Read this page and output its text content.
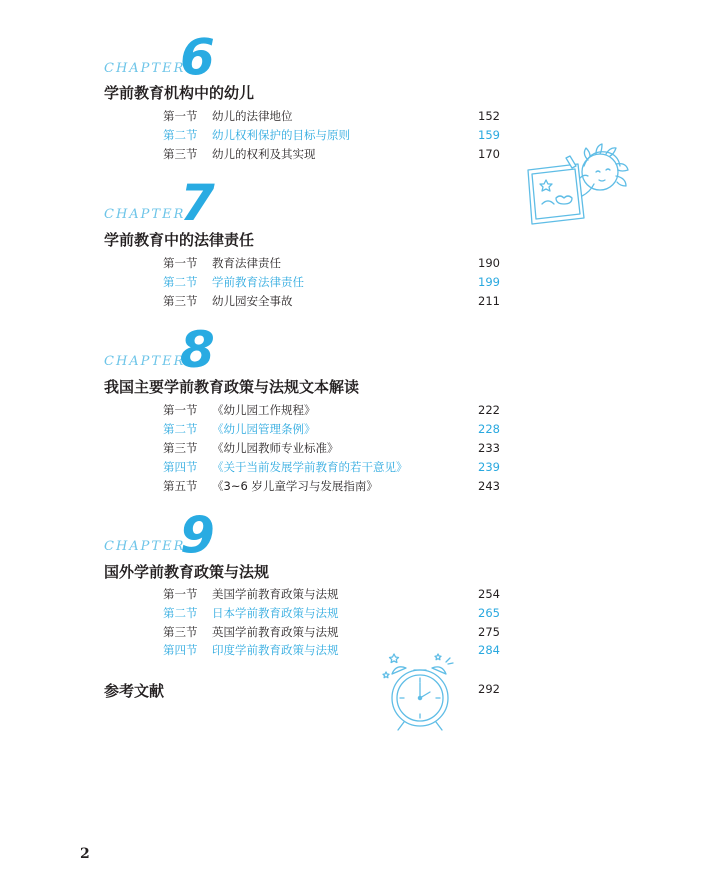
CHAPTER
6
学前教育机构中的幼儿
第一节 幼儿的法律地位	152
第二节 幼儿权利保护的目标与原则	159
第三节 幼儿的权利及其实现	170
CHAPTER
7
学前教育中的法律责任
第一节 教育法律责任	190
第二节 学前教育法律责任	199
第三节 幼儿园安全事故	211
CHAPTER
8
我国主要学前教育政策与法规文本解读
第一节 《幼儿园工作规程》	222
第二节 《幼儿园管理条例》	228
第三节 《幼儿园教师专业标准》	233
第四节 《关于当前发展学前教育的若干意见》	239
第五节 《3~6 岁儿童学习与发展指南》	243
CHAPTER
9
国外学前教育政策与法规
第一节 美国学前教育政策与法规	254
第二节 日本学前教育政策与法规	265
第三节 英国学前教育政策与法规	275
第四节 印度学前教育政策与法规	284
参考文献	292
2
